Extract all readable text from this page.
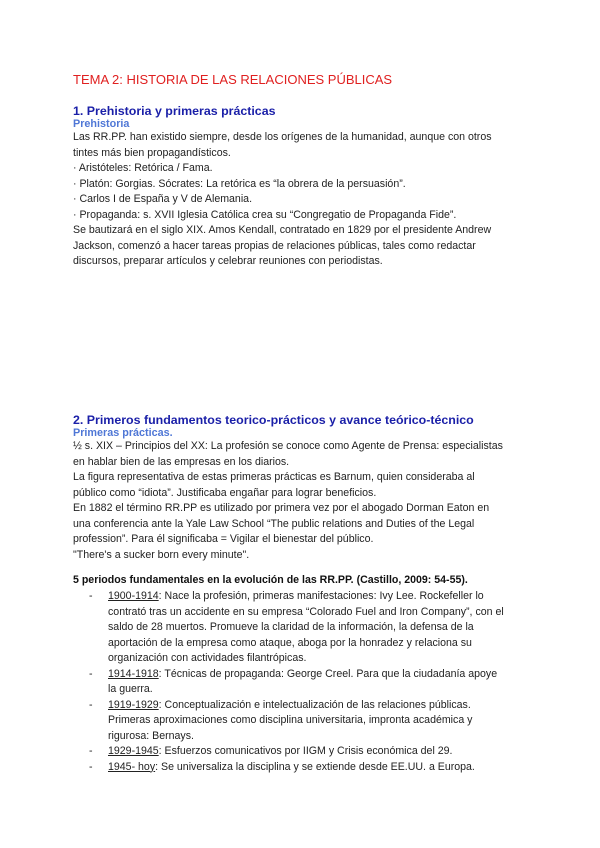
TEMA 2: HISTORIA DE LAS RELACIONES PÚBLICAS
1. Prehistoria y primeras prácticas
Prehistoria

Las RR.PP. han existido siempre, desde los orígenes de la humanidad, aunque con otros

tintes más bien propagandísticos.

· Aristóteles: Retórica / Fama.

· Platón: Gorgias. Sócrates: La retórica es “la obrera de la persuasión”.

· Carlos I de España y V de Alemania.

· Propaganda: s. XVII Iglesia Católica crea su “Congregatio de Propaganda Fide”.

Se bautizará en el siglo XIX. Amos Kendall, contratado en 1829 por el presidente Andrew

Jackson, comenzó a hacer tareas propias de relaciones públicas, tales como redactar

discursos, preparar artículos y celebrar reuniones con periodistas.

2. Primeros fundamentos teorico-prácticos y avance teórico-técnico
Primeras prácticas.

½ s. XIX – Principios del XX: La profesión se conoce como Agente de Prensa: especialistas

en hablar bien de las empresas en los diarios.

La figura representativa de estas primeras prácticas es Barnum, quien consideraba al

público como “idiota”. Justificaba engañar para lograr beneficios.

En 1882 el término RR.PP es utilizado por primera vez por el abogado Dorman Eaton en

una conferencia ante la Yale Law School “The public relations and Duties of the Legal

profession”. Para él significaba = Vigilar el bienestar del público.

"There's a sucker born every minute".

5 periodos fundamentales en la evolución de las RR.PP. (Castillo, 2009: 54-55).
- 1900-1914: Nace la profesión, primeras manifestaciones: Ivy Lee. Rockefeller lo
contrató tras un accidente en su empresa “Colorado Fuel and Iron Company”, con el
saldo de 28 muertos. Promueve la claridad de la información, la defensa de la
aportación de la empresa como ataque, aboga por la honradez y relaciona su
organización con actividades filantrópicas.
- 1914-1918: Técnicas de propaganda: George Creel. Para que la ciudadanía apoye
la guerra.
- 1919-1929: Conceptualización e intelectualización de las relaciones públicas.
Primeras aproximaciones como disciplina universitaria, impronta académica y
rigurosa: Bernays.
- 1929-1945: Esfuerzos comunicativos por IIGM y Crisis económica del 29.
- 1945- hoy: Se universaliza la disciplina y se extiende desde EE.UU. a Europa.
